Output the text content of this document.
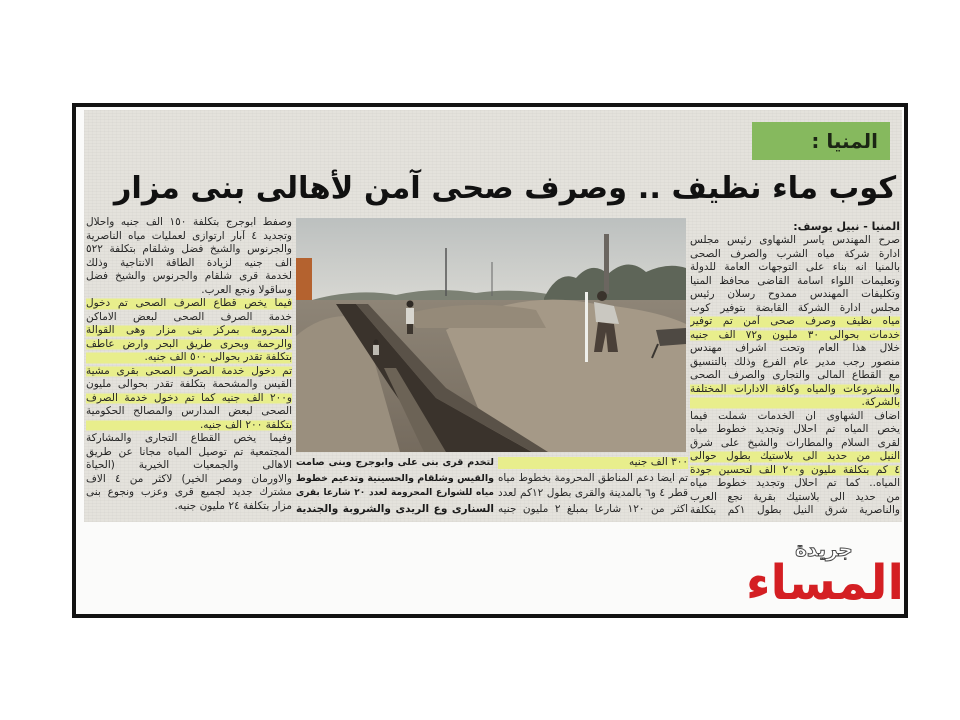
المنيا :
كوب ماء نظيف .. وصرف صحى آمن لأهالى بنى مزار
المنيا - نبيل يوسف:
صرح المهندس ياسر الشهاوى رئيس مجلس
ادارة شركة مياه الشرب والصرف الصحى
بالمنيا انه بناء على التوجهات العامة للدولة
وتعليمات اللواء اسامة القاضى محافظ المنيا
وتكليفات المهندس ممدوح رسلان رئيس
مجلس ادارة الشركة القابضة بتوفير كوب
مياه نظيف وصرف صحى آمن تم توفير
خدمات بحوالى ٣٠ مليون و٧٢ الف جنيه
خلال هذا العام وتحت اشراف مهندس
منصور رجب مدير عام الفرع وذلك بالتنسيق
مع القطاع المالى والتجارى والصرف الصحى
والمشروعات والمياه وكافة الادارات المختلفة
بالشركة.
اضاف الشهاوى ان الخدمات شملت فيما
يخص المياه تم احلال وتجديد خطوط مياه
لقرى السلام والمطارات والشيخ على شرق
النيل من حديد الى بلاستيك بطول حوالى
٤ كم بتكلفة مليون و٢٠٠ الف لتحسين جودة
المياه.. كما تم احلال وتجديد خطوط مياه
من حديد الى بلاستيك بقرية نجع العرب
والناصرية شرق النيل بطول ١كم بتكلفة
٣٠٠ الف جنيه
تم ايضا دعم المناطق المحرومة بخطوط مياه
قطر ٤ و٦ بالمدينة والقرى بطول ١٢كم لعدد
اكثر من ١٢٠ شارعا بمبلغ ٢ مليون جنيه
لتخدم قرى بنى على وابوجرج وبنى صامت
والقيس وشلقام والحسينية وتدعيم خطوط
مياه للشوارع المحرومة لعدد ٢٠ شارعا بقرى
السنارى وع الريدى والشروبة والجندية
وصفط ابوجرج بتكلفة ١٥٠ الف جنيه واحلال
وتجديد ٤ آبار ارتوازى لعمليات مياه الناصرية
والجرنوس والشيخ فضل وشلقام بتكلفة ٥٢٢
الف جنيه لزيادة الطاقة الانتاجية وذلك
لخدمة قرى شلقام والجرنوس والشيخ فضل
وساقولا ونجع العرب.
فيما يخص قطاع الصرف الصحى تم دخول
خدمة الصرف الصحى لبعض الاماكن
المحرومة بمركز بنى مزار وهى القوالة
والرحمة وبحرى طريق البحر وارض عاطف
بتكلفة تقدر بحوالى ٥٠٠ الف جنيه.
تم دخول خدمة الصرف الصحى بقرى مشية
القيس والمشحمة بتكلفة تقدر بحوالى مليون
و٢٠٠ الف جنيه كما تم دخول خدمة الصرف
الصحى لبعض المدارس والمصالح الحكومية
بتكلفة ٢٠٠ الف جنيه.
وفيما يخص القطاع التجارى والمشاركة
المجتمعية تم توصيل المياه مجانا عن طريق
الاهالى والجمعيات الخيرية (الحياة
والاورمان ومصر الخير) لاكثر من ٤ الاف
مشترك جديد لجميع قرى وعزب ونجوع بنى
مزار بتكلفة ٢٤ مليون جنيه.
جريدة
المساء
